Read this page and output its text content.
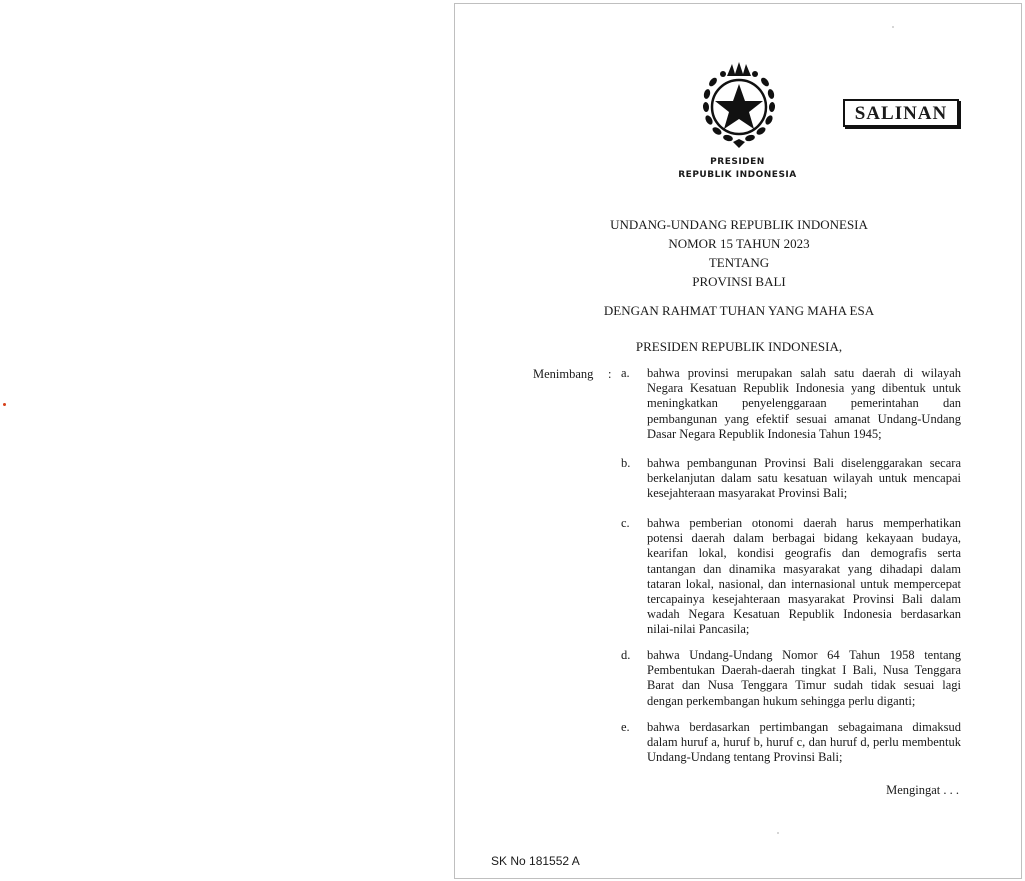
SALINAN
PRESIDEN
REPUBLIK INDONESIA
UNDANG-UNDANG REPUBLIK INDONESIA
NOMOR 15 TAHUN 2023
TENTANG
PROVINSI BALI
DENGAN RAHMAT TUHAN YANG MAHA ESA
PRESIDEN REPUBLIK INDONESIA,
Menimbang : a.	bahwa provinsi merupakan salah satu daerah di wilayah Negara Kesatuan Republik Indonesia yang dibentuk untuk meningkatkan penyelenggaraan pemerintahan dan pembangunan yang efektif sesuai amanat Undang-Undang Dasar Negara Republik Indonesia Tahun 1945;
b.	bahwa pembangunan Provinsi Bali diselenggarakan secara berkelanjutan dalam satu kesatuan wilayah untuk mencapai kesejahteraan masyarakat Provinsi Bali;
c.	bahwa pemberian otonomi daerah harus memperhatikan potensi daerah dalam berbagai bidang kekayaan budaya, kearifan lokal, kondisi geografis dan demografis serta tantangan dan dinamika masyarakat yang dihadapi dalam tataran lokal, nasional, dan internasional untuk mempercepat tercapainya kesejahteraan masyarakat Provinsi Bali dalam wadah Negara Kesatuan Republik Indonesia berdasarkan nilai-nilai Pancasila;
d.	bahwa Undang-Undang Nomor 64 Tahun 1958 tentang Pembentukan Daerah-daerah tingkat I Bali, Nusa Tenggara Barat dan Nusa Tenggara Timur sudah tidak sesuai lagi dengan perkembangan hukum sehingga perlu diganti;
e.	bahwa berdasarkan pertimbangan sebagaimana dimaksud dalam huruf a, huruf b, huruf c, dan huruf d, perlu membentuk Undang-Undang tentang Provinsi Bali;
Mengingat . . .
SK No 181552 A
